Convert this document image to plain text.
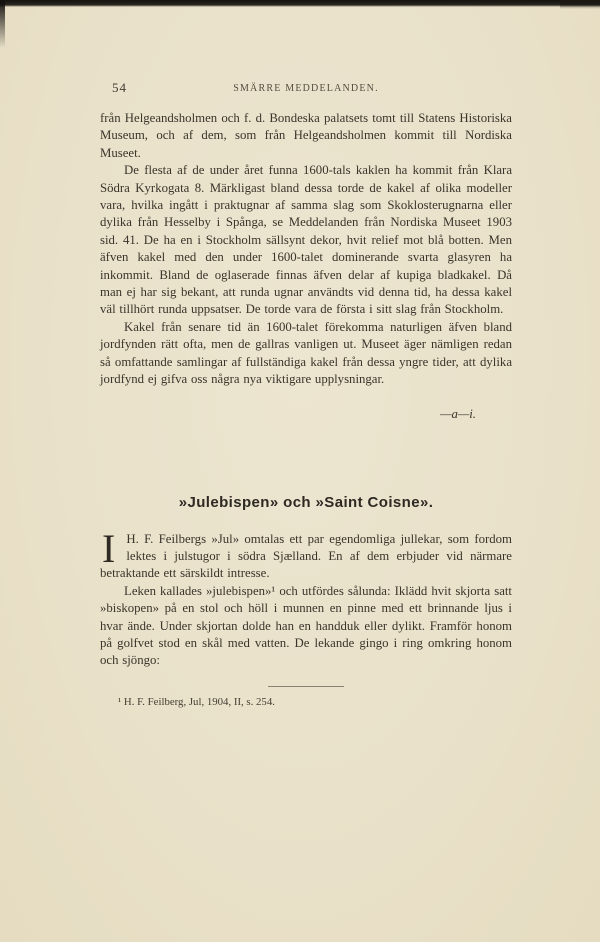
54	SMÄRRE MEDDELANDEN.

från Helgeandsholmen och f. d. Bondeska palatsets tomt till Statens Historiska Museum, och af dem, som från Helgeandsholmen kommit till Nordiska Museet.

De flesta af de under året funna 1600-tals kaklen ha kommit från Klara Södra Kyrkogata 8. Märkligast bland dessa torde de kakel af olika modeller vara, hvilka ingått i praktugnar af samma slag som Skoklosterugnarna eller dylika från Hesselby i Spånga, se Meddelanden från Nordiska Museet 1903 sid. 41. De ha en i Stockholm sällsynt dekor, hvit relief mot blå botten. Men äfven kakel med den under 1600-talet dominerande svarta glasyren ha inkommit. Bland de oglaserade finnas äfven delar af kupiga bladkakel. Då man ej har sig bekant, att runda ugnar användts vid denna tid, ha dessa kakel väl tillhört runda uppsatser. De torde vara de första i sitt slag från Stockholm.

Kakel från senare tid än 1600-talet förekomma naturligen äfven bland jordfynden rätt ofta, men de gallras vanligen ut. Museet äger nämligen redan så omfattande samlingar af fullständiga kakel från dessa yngre tider, att dylika jordfynd ej gifva oss några nya viktigare upplysningar.

—a—i.
»Julebispen» och »Saint Coisne».

I H. F. Feilbergs »Jul» omtalas ett par egendomliga jullekar, som fordom lektes i julstugor i södra Sjælland. En af dem erbjuder vid närmare betraktande ett särskildt intresse.

Leken kallades »julebispen»¹ och utfördes sålunda: Iklädd hvit skjorta satt »biskopen» på en stol och höll i munnen en pinne med ett brinnande ljus i hvar ände. Under skjortan dolde han en handduk eller dylikt. Framför honom på golfvet stod en skål med vatten. De lekande gingo i ring omkring honom och sjöngo:

¹ H. F. Feilberg, Jul, 1904, II, s. 254.
